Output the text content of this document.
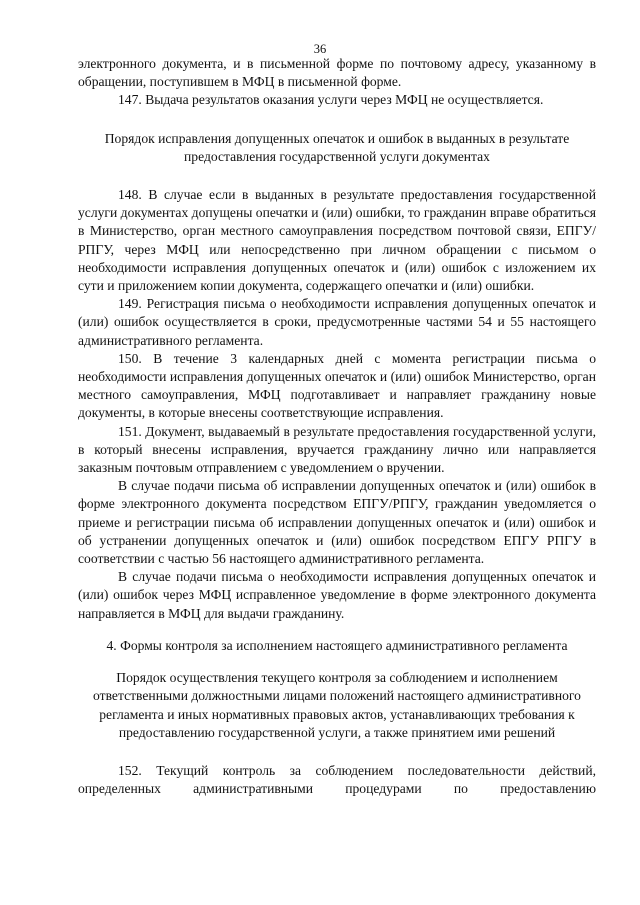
36

электронного документа, и в письменной форме по почтовому адресу, указанному в обращении, поступившем в МФЦ в письменной форме.

147. Выдача результатов оказания услуги через МФЦ не осуществляется.

Порядок исправления допущенных опечаток и ошибок в выданных в результате предоставления государственной услуги документах

148. В случае если в выданных в результате предоставления государственной услуги документах допущены опечатки и (или) ошибки, то гражданин вправе обратиться в Министерство, орган местного самоуправления посредством почтовой связи, ЕПГУ/РПГУ, через МФЦ или непосредственно при личном обращении с письмом о необходимости исправления допущенных опечаток и (или) ошибок с изложением их сути и приложением копии документа, содержащего опечатки и (или) ошибки.

149. Регистрация письма о необходимости исправления допущенных опечаток и (или) ошибок осуществляется в сроки, предусмотренные частями 54 и 55 настоящего административного регламента.

150. В течение 3 календарных дней с момента регистрации письма о необходимости исправления допущенных опечаток и (или) ошибок Министерство, орган местного самоуправления, МФЦ подготавливает и направляет гражданину новые документы, в которые внесены соответствующие исправления.

151. Документ, выдаваемый в результате предоставления государственной услуги, в который внесены исправления, вручается гражданину лично или направляется заказным почтовым отправлением с уведомлением о вручении.

В случае подачи письма об исправлении допущенных опечаток и (или) ошибок в форме электронного документа посредством ЕПГУ/РПГУ, гражданин уведомляется о приеме и регистрации письма об исправлении допущенных опечаток и (или) ошибок и об устранении допущенных опечаток и (или) ошибок посредством ЕПГУ РПГУ в соответствии с частью 56 настоящего административного регламента.

В случае подачи письма о необходимости исправления допущенных опечаток и (или) ошибок через МФЦ исправленное уведомление в форме электронного документа направляется в МФЦ для выдачи гражданину.

4. Формы контроля за исполнением настоящего административного регламента

Порядок осуществления текущего контроля за соблюдением и исполнением ответственными должностными лицами положений настоящего административного регламента и иных нормативных правовых актов, устанавливающих требования к предоставлению государственной услуги, а также принятием ими решений

152. Текущий контроль за соблюдением последовательности действий, определенных административными процедурами по предоставлению
